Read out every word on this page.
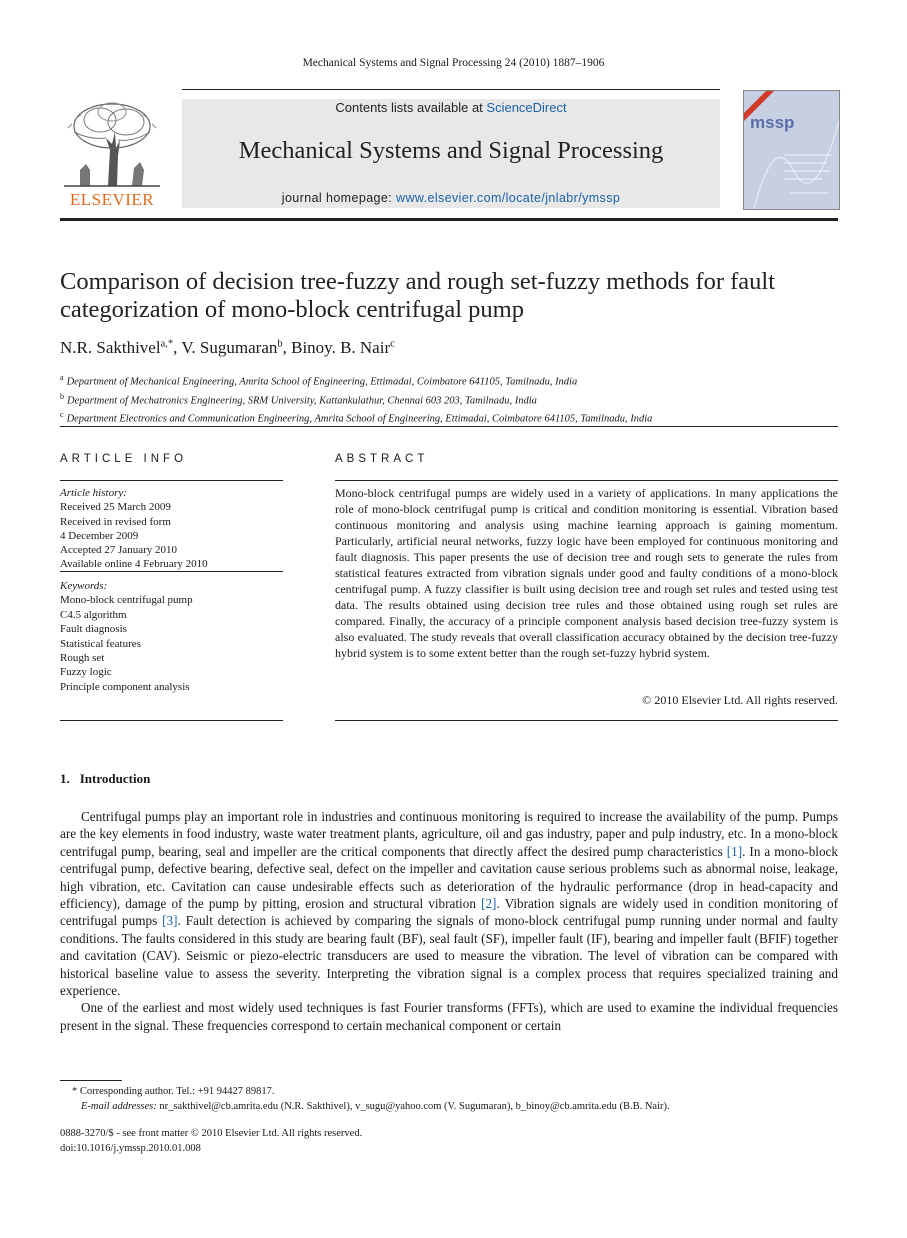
Mechanical Systems and Signal Processing 24 (2010) 1887–1906
ELSEVIER
Contents lists available at ScienceDirect
Mechanical Systems and Signal Processing
journal homepage: www.elsevier.com/locate/jnlabr/ymssp
mssp
Comparison of decision tree-fuzzy and rough set-fuzzy methods for fault categorization of mono-block centrifugal pump
N.R. Sakthivel$^{a,*}$, V. Sugumaran$^b$, Binoy. B. Nair$^c$
$^a$ Department of Mechanical Engineering, Amrita School of Engineering, Ettimadai, Coimbatore 641105, Tamilnadu, India
$^b$ Department of Mechatronics Engineering, SRM University, Kattankulathur, Chennai 603 203, Tamilnadu, India
$^c$ Department Electronics and Communication Engineering, Amrita School of Engineering, Ettimadai, Coimbatore 641105, Tamilnadu, India
ARTICLE INFO	ABSTRACT
Article history:
Received 25 March 2009
Received in revised form
4 December 2009
Accepted 27 January 2010
Available online 4 February 2010
Keywords:
Mono-block centrifugal pump
C4.5 algorithm
Fault diagnosis
Statistical features
Rough set
Fuzzy logic
Principle component analysis
Mono-block centrifugal pumps are widely used in a variety of applications. In many applications the role of mono-block centrifugal pump is critical and condition monitoring is essential. Vibration based continuous monitoring and analysis using machine learning approach is gaining momentum. Particularly, artificial neural networks, fuzzy logic have been employed for continuous monitoring and fault diagnosis. This paper presents the use of decision tree and rough sets to generate the rules from statistical features extracted from vibration signals under good and faulty conditions of a mono-block centrifugal pump. A fuzzy classifier is built using decision tree and rough set rules and tested using test data. The results obtained using decision tree rules and those obtained using rough set rules are compared. Finally, the accuracy of a principle component analysis based decision tree-fuzzy system is also evaluated. The study reveals that overall classification accuracy obtained by the decision tree-fuzzy hybrid system is to some extent better than the rough set-fuzzy hybrid system.
© 2010 Elsevier Ltd. All rights reserved.
1. Introduction

Centrifugal pumps play an important role in industries and continuous monitoring is required to increase the availability of the pump. Pumps are the key elements in food industry, waste water treatment plants, agriculture, oil and gas industry, paper and pulp industry, etc. In a mono-block centrifugal pump, bearing, seal and impeller are the critical components that directly affect the desired pump characteristics [1]. In a mono-block centrifugal pump, defective bearing, defective seal, defect on the impeller and cavitation cause serious problems such as abnormal noise, leakage, high vibration, etc. Cavitation can cause undesirable effects such as deterioration of the hydraulic performance (drop in head-capacity and efficiency), damage of the pump by pitting, erosion and structural vibration [2]. Vibration signals are widely used in condition monitoring of centrifugal pumps [3]. Fault detection is achieved by comparing the signals of mono-block centrifugal pump running under normal and faulty conditions. The faults considered in this study are bearing fault (BF), seal fault (SF), impeller fault (IF), bearing and impeller fault (BFIF) together and cavitation (CAV). Seismic or piezo-electric transducers are used to measure the vibration. The level of vibration can be compared with historical baseline value to assess the severity. Interpreting the vibration signal is a complex process that requires specialized training and experience.

One of the earliest and most widely used techniques is fast Fourier transforms (FFTs), which are used to examine the individual frequencies present in the signal. These frequencies correspond to certain mechanical component or certain

* Corresponding author. Tel.: +91 94427 89817.
E-mail addresses: nr_sakthivel@cb.amrita.edu (N.R. Sakthivel), v_sugu@yahoo.com (V. Sugumaran), b_binoy@cb.amrita.edu (B.B. Nair).
0888-3270/$ - see front matter © 2010 Elsevier Ltd. All rights reserved.
doi:10.1016/j.ymssp.2010.01.008
